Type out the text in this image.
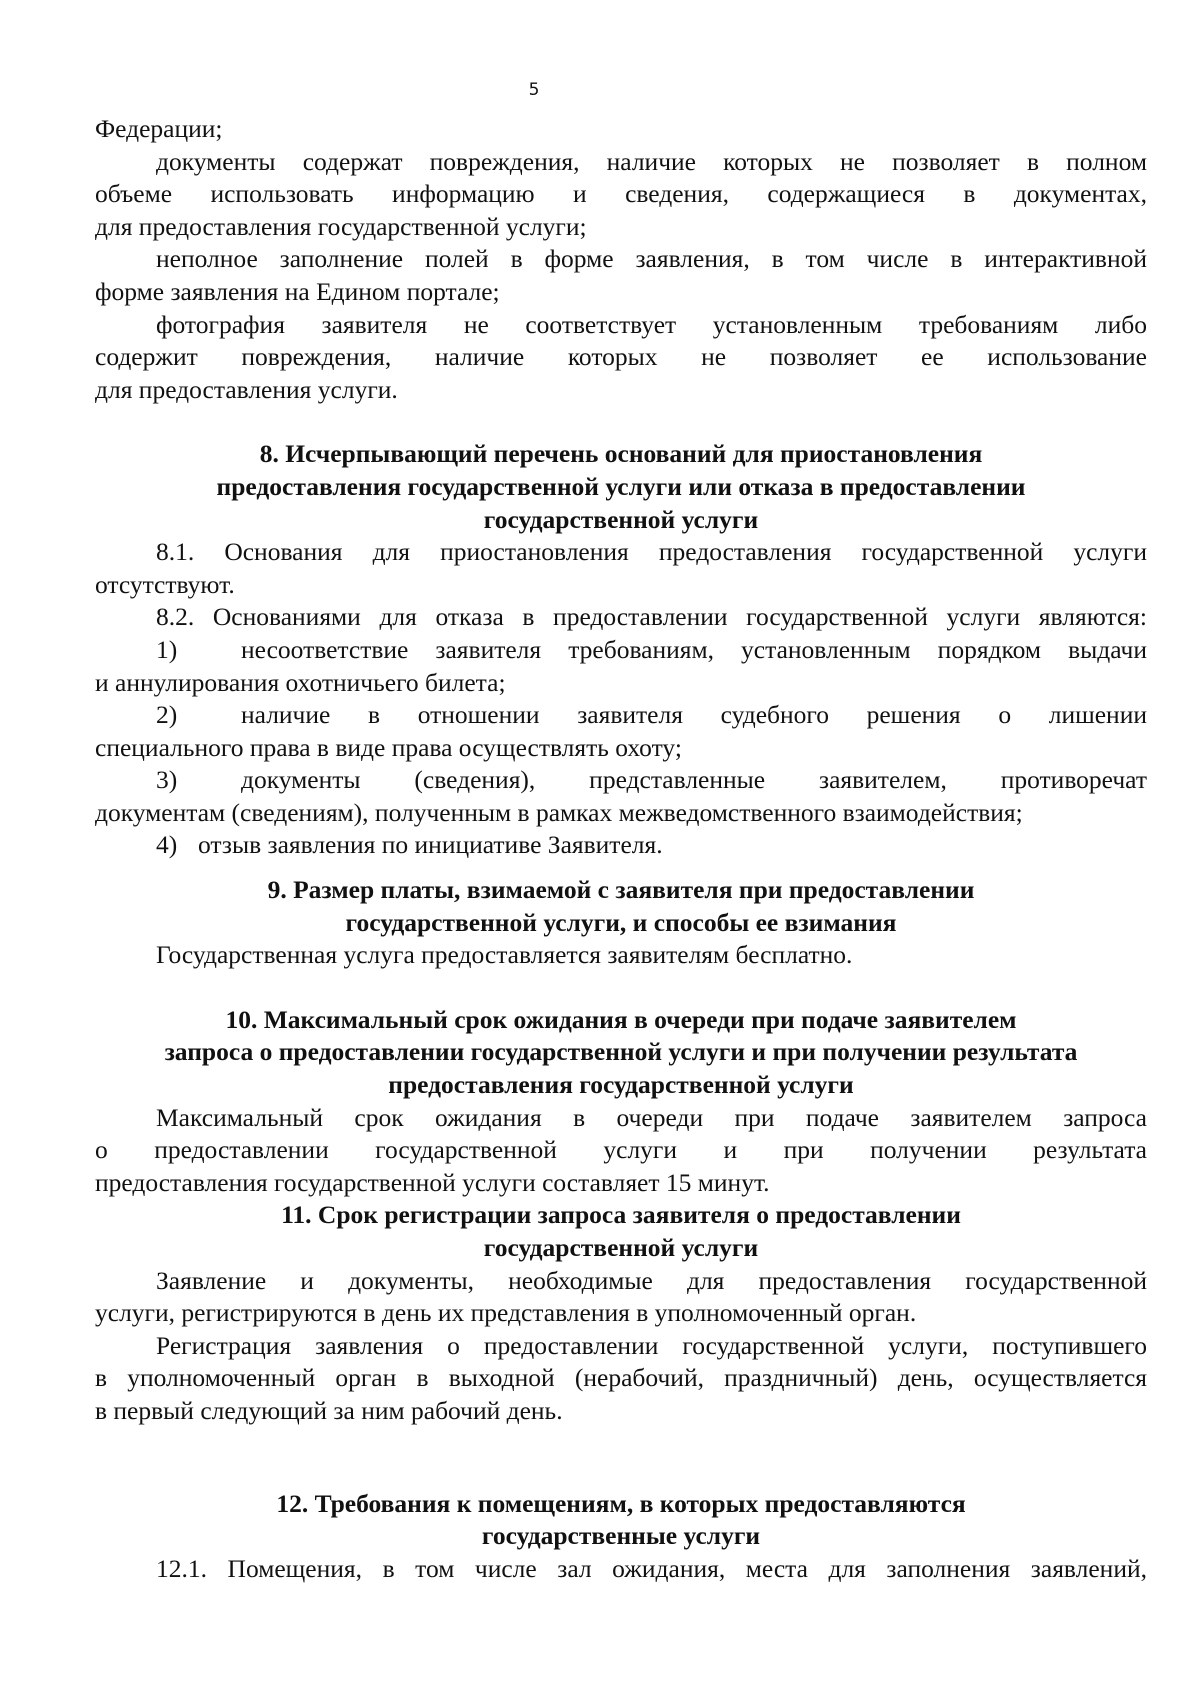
5

Федерации;

документы содержат повреждения, наличие которых не позволяет в полном
объеме использовать информацию и сведения, содержащиеся в документах,
для предоставления государственной услуги;

неполное заполнение полей в форме заявления, в том числе в интерактивной
форме заявления на Едином портале;

фотография заявителя не соответствует установленным требованиям либо
содержит повреждения, наличие которых не позволяет ее использование
для предоставления услуги.

8. Исчерпывающий перечень оснований для приостановления
предоставления государственной услуги или отказа в предоставлении
государственной услуги

8.1. Основания для приостановления предоставления государственной услуги
отсутствуют.

8.2. Основаниями для отказа в предоставлении государственной услуги являются:

1)	несоответствие заявителя требованиям, установленным порядком выдачи
и аннулирования охотничьего билета;
2)	наличие в отношении заявителя судебного решения о лишении
специального права в виде права осуществлять охоту;
3)	документы (сведения), представленные заявителем, противоречат
документам (сведениям), полученным в рамках межведомственного взаимодействия;
4) отзыв заявления по инициативе Заявителя.
9. Размер платы, взимаемой с заявителя при предоставлении
государственной услуги, и способы ее взимания

Государственная услуга предоставляется заявителям бесплатно.

10. Максимальный срок ожидания в очереди при подаче заявителем
запроса о предоставлении государственной услуги и при получении результата
предоставления государственной услуги

Максимальный срок ожидания в очереди при подаче заявителем запроса
о предоставлении государственной услуги и при получении результата
предоставления государственной услуги составляет 15 минут.

11. Срок регистрации запроса заявителя о предоставлении
государственной услуги

Заявление и документы, необходимые для предоставления государственной
услуги, регистрируются в день их представления в уполномоченный орган.

Регистрация заявления о предоставлении государственной услуги, поступившего
в уполномоченный орган в выходной (нерабочий, праздничный) день, осуществляется
в первый следующий за ним рабочий день.

12. Требования к помещениям, в которых предоставляются
государственные услуги

12.1. Помещения, в том числе зал ожидания, места для заполнения заявлений,
